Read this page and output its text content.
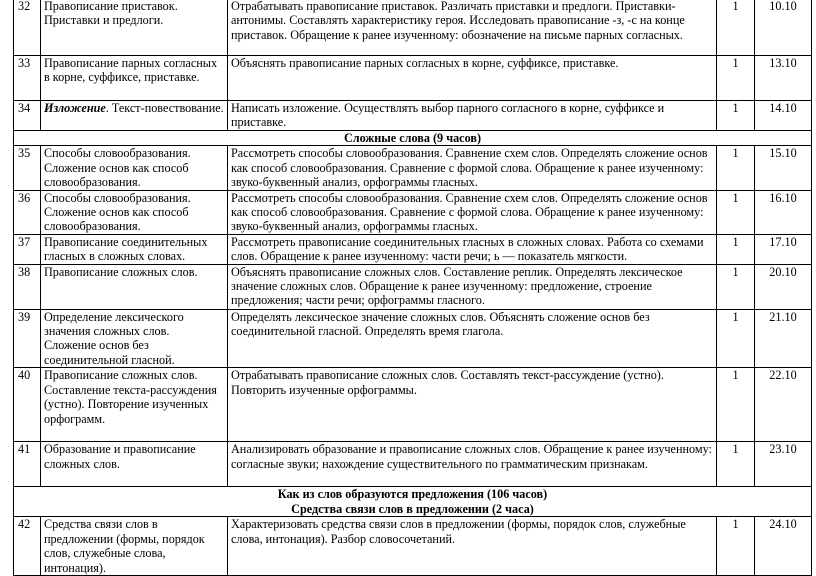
32	Правописание приставок. Приставки и предлоги.	Отрабатывать правописание приставок. Различать приставки и предлоги. Приставки-антонимы. Составлять характеристику героя. Исследовать правописание -з, -с на конце приставок. Обращение к ранее изученному: обозначение на письме парных согласных.	1	10.10
33	Правописание парных согласных в корне, суффиксе, приставке.	Объяснять правописание парных согласных в корне, суффиксе, приставке.	1	13.10
34	Изложение. Текст-повествование.	Написать изложение. Осуществлять выбор парного согласного в корне, суффиксе и приставке.	1	14.10
Сложные слова (9 часов)				
35	Способы словообразования. Сложение основ как способ словообразования.	Рассмотреть способы словообразования. Сравнение схем слов. Определять сложение основ как способ словообразования. Сравнение с формой слова. Обращение к ранее изученному: звуко-буквенный анализ, орфограммы гласных.	1	15.10
36	Способы словообразования. Сложение основ как способ словообразования.	Рассмотреть способы словообразования. Сравнение схем слов. Определять сложение основ как способ словообразования. Сравнение с формой слова. Обращение к ранее изученному: звуко-буквенный анализ, орфограммы гласных.	1	16.10
37	Правописание соединительных гласных в сложных словах.	Рассмотреть правописание соединительных гласных в сложных словах. Работа со схемами слов. Обращение к ранее изученному: части речи; ь — показатель мягкости.	1	17.10
38	Правописание сложных слов.	Объяснять правописание сложных слов. Составление реплик. Определять лексическое значение сложных слов. Обращение к ранее изученному: предложение, строение предложения; части речи; орфограммы гласного.	1	20.10
39	Определение лексического значения сложных слов. Сложение основ без соединительной гласной.	Определять лексическое значение сложных слов. Объяснять сложение основ без соединительной гласной. Определять время глагола.	1	21.10
40	Правописание сложных слов. Составление текста-рассуждения (устно). Повторение изученных орфограмм.	Отрабатывать правописание сложных слов. Составлять текст-рассуждение (устно). Повторить изученные орфограммы.	1	22.10
41	Образование и правописание сложных слов.	Анализировать образование и правописание сложных слов. Обращение к ранее изученному: согласные звуки; нахождение существительного по грамматическим признакам.	1	23.10

Как из слов образуются предложения (106 часов)
Средства связи слов в предложении (2 часа)				

42	Средства связи слов в предложении (формы, порядок слов, служебные слова, интонация).	Характеризовать средства связи слов в предложении (формы, порядок слов, служебные слова, интонация). Разбор словосочетаний.	1	24.10
